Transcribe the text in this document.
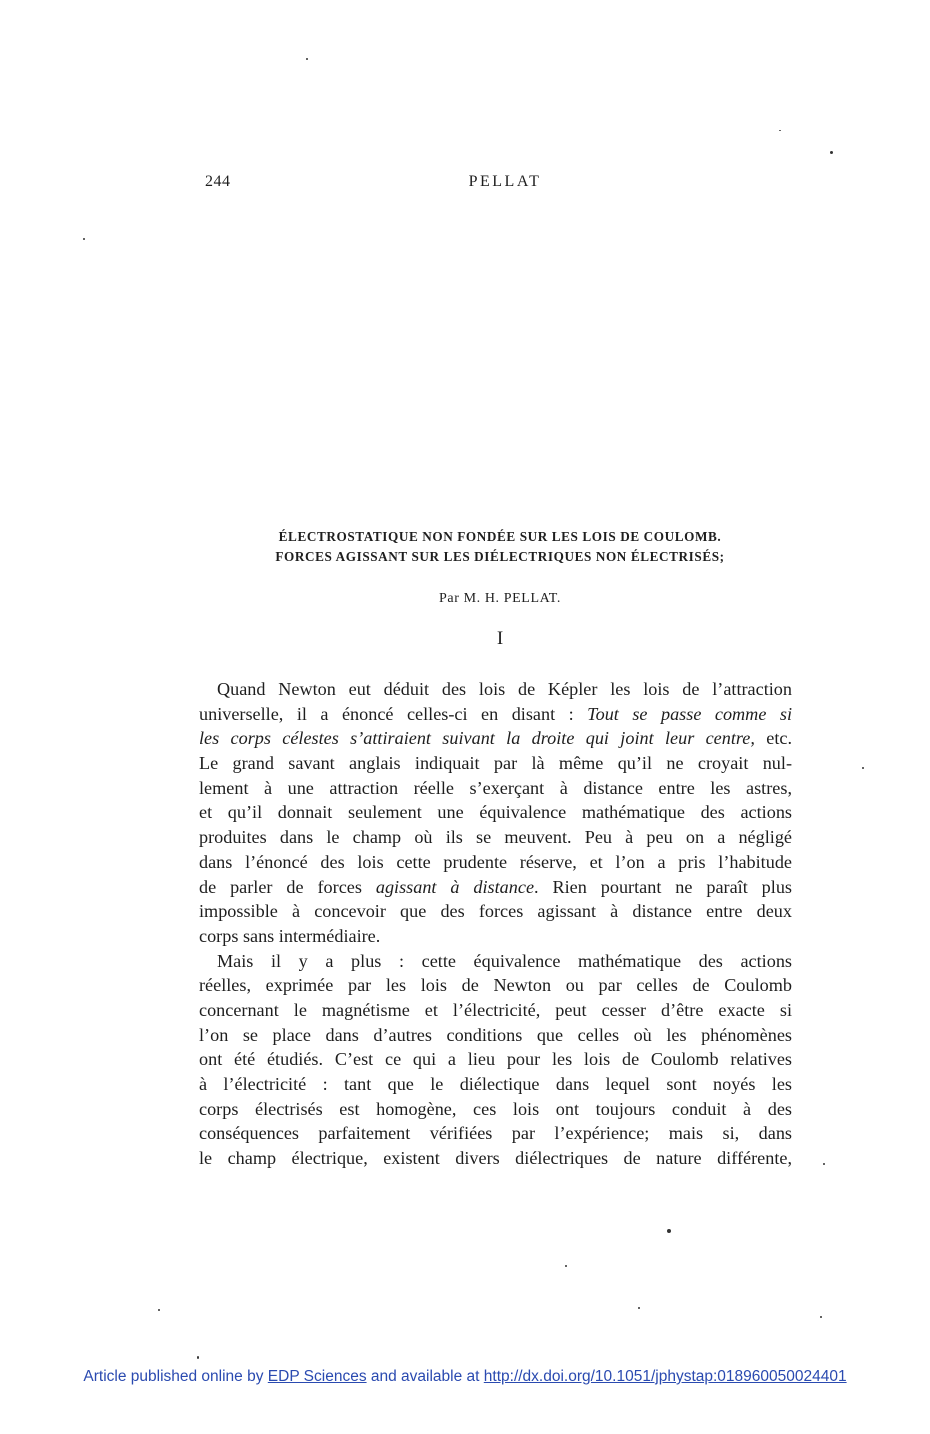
244	PELLAT
ÉLECTROSTATIQUE NON FONDÉE SUR LES LOIS DE COULOMB.
FORCES AGISSANT SUR LES DIÉLECTRIQUES NON ÉLECTRISÉS;
Par M. H. PELLAT.
I
Quand Newton eut déduit des lois de Képler les lois de l’attraction
universelle, il a énoncé celles-ci en disant : Tout se passe comme si
les corps célestes s’attiraient suivant la droite qui joint leur centre, etc.
Le grand savant anglais indiquait par là même qu’il ne croyait nul-
lement à une attraction réelle s’exerçant à distance entre les astres,
et qu’il donnait seulement une équivalence mathématique des actions
produites dans le champ où ils se meuvent. Peu à peu on a négligé
dans l’énoncé des lois cette prudente réserve, et l’on a pris l’habitude
de parler de forces agissant à distance. Rien pourtant ne paraît plus
impossible à concevoir que des forces agissant à distance entre deux
corps sans intermédiaire.
Mais il y a plus : cette équivalence mathématique des actions
réelles, exprimée par les lois de Newton ou par celles de Coulomb
concernant le magnétisme et l’électricité, peut cesser d’être exacte si
l’on se place dans d’autres conditions que celles où les phénomènes
ont été étudiés. C’est ce qui a lieu pour les lois de Coulomb relatives
à l’électricité : tant que le diélectique dans lequel sont noyés les
corps électrisés est homogène, ces lois ont toujours conduit à des
conséquences parfaitement vérifiées par l’expérience; mais si, dans
le champ électrique, existent divers diélectriques de nature différente,
Article published online by EDP Sciences and available at http://dx.doi.org/10.1051/jphystap:018960050024401
